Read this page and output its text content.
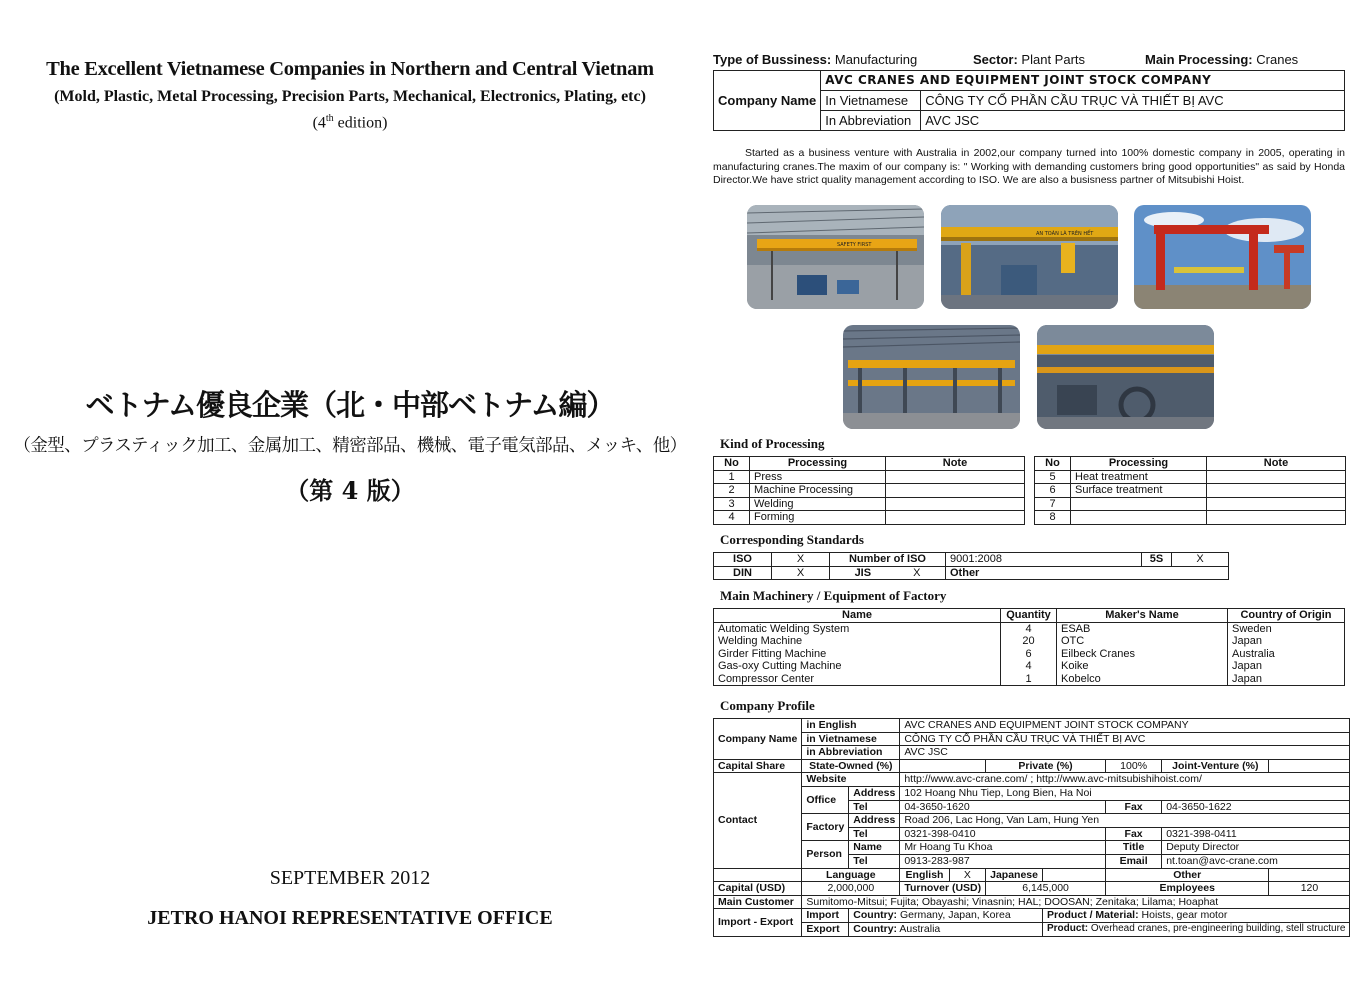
The Excellent Vietnamese Companies in Northern and Central Vietnam
(Mold, Plastic, Metal Processing, Precision Parts, Mechanical, Electronics, Plating, etc)
(4th edition)
ベトナム優良企業（北・中部ベトナム編）
（金型、プラスティック加工、金属加工、精密部品、機械、電子電気部品、メッキ、他）
（第 4 版）
SEPTEMBER 2012
JETRO HANOI REPRESENTATIVE OFFICE
Type of Bussiness: Manufacturing	Sector: Plant Parts	Main Processing: Cranes
Company Name	AVC CRANES AND EQUIPMENT JOINT STOCK COMPANY	
	In Vietnamese	CÔNG TY CỔ PHẦN CẦU TRỤC VÀ THIẾT BỊ AVC
	In Abbreviation	AVC JSC
Started as a business venture with Australia in 2002,our company turned into 100% domestic company in 2005, operating in manufacturing cranes.The maxim of our company is: " Working with demanding customers bring good opportunities" as said by Honda Director.We have strict quality management according to ISO. We are also a busisness partner of Mitsubishi Hoist.
SAFETY FIRST
AN TOÀN LÀ TRÊN HẾT
Kind of Processing
No	Processing	Note
1	Press	
2	Machine Processing	
3	Welding	
4	Forming	
No	Processing	Note
5	Heat treatment	
6	Surface treatment	
7		
8		
Corresponding Standards
ISO	X	Number of ISO	9001:2008	5S	X
DIN	X	JIS X	Other		
Main Machinery / Equipment of Factory
Name	Quantity	Maker's Name	Country of Origin
Automatic Welding System	4	ESAB	Sweden
Welding Machine	20	OTC	Japan
Girder Fitting Machine	6	Eilbeck Cranes	Australia
Gas-oxy Cutting Machine	4	Koike	Japan
Compressor Center	1	Kobelco	Japan
Company Profile
Company Name	in English		AVC CRANES AND EQUIPMENT JOINT STOCK COMPANY						
	in Vietnamese		CÔNG TY CỔ PHẦN CẦU TRỤC VÀ THIẾT BỊ AVC						
	in Abbreviation		AVC JSC						
Capital Share	State-Owned (%)				Private (%)		100%	Joint-Venture (%)	
Contact	Website		http://www.avc-crane.com/ ; http://www.avc-mitsubishihoist.com/						
	Office	Address	102 Hoang Nhu Tiep, Long Bien, Ha Noi						
		Tel	04-3650-1620				Fax	04-3650-1622	
	Factory	Address	Road 206, Lac Hong, Van Lam, Hung Yen						
		Tel	0321-398-0410				Fax	0321-398-0411	
	Person	Name	Mr Hoang Tu Khoa				Title	Deputy Director	
		Tel	0913-283-987				Email	nt.toan@avc-crane.com	
	Language		English	X	Japanese		Other		
Capital (USD)	2,000,000		Turnover (USD)		6,145,000		Employees		120
Main Customer	Sumitomo-Mitsui; Fujita; Obayashi; Vinasnin; HAL; DOOSAN; Zenitaka; Lilama; Hoaphat								
Import - Export	Import	Country: Germany, Japan, Korea				Product / Material: Hoists, gear motor			
	Export	Country: Australia				Product: Overhead cranes, pre-engineering building, stell structure			
